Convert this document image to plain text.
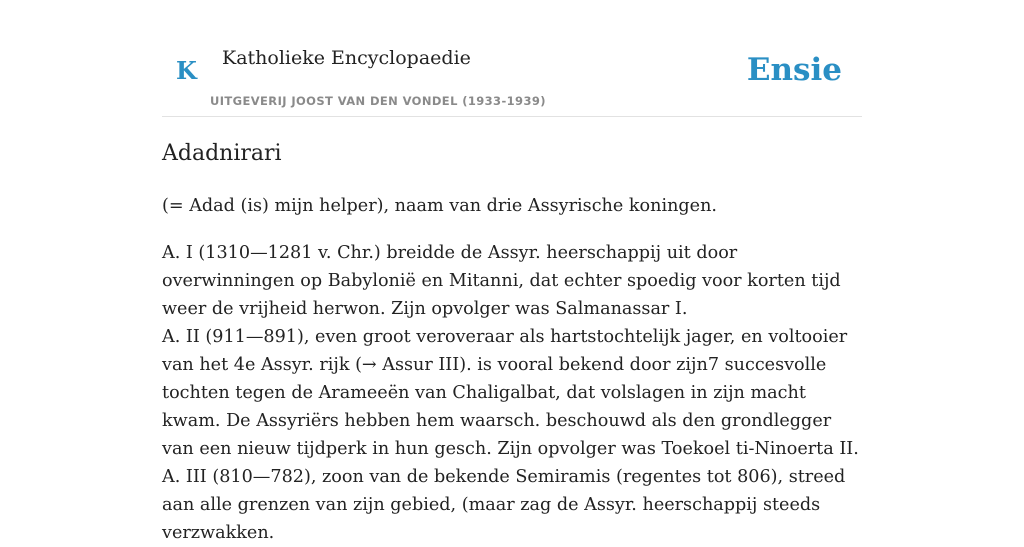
K Katholieke Encyclopaedie
UITGEVERIJ JOOST VAN DEN VONDEL (1933-1939)
Ensie
Adadnirari

(= Adad (is) mijn helper), naam van drie Assyrische koningen.

A. I (1310—1281 v. Chr.) breidde de Assyr. heerschappij uit door overwinningen op Babylonië en Mitanni, dat echter spoedig voor korten tijd weer de vrijheid herwon. Zijn opvolger was Salmanassar I.
A. II (911—891), even groot veroveraar als hartstochtelijk jager, en voltooier van het 4e Assyr. rijk (→ Assur III). is vooral bekend door zijn7 succesvolle tochten tegen de Arameeën van Chaligalbat, dat volslagen in zijn macht kwam. De Assyriërs hebben hem waarsch. beschouwd als den grondlegger van een nieuw tijdperk in hun gesch. Zijn opvolger was Toekoel ti-Ninoerta II.
A. III (810—782), zoon van de bekende Semiramis (regentes tot 806), streed aan alle grenzen van zijn gebied, (maar zag de Assyr. heerschappij steeds verzwakken.
